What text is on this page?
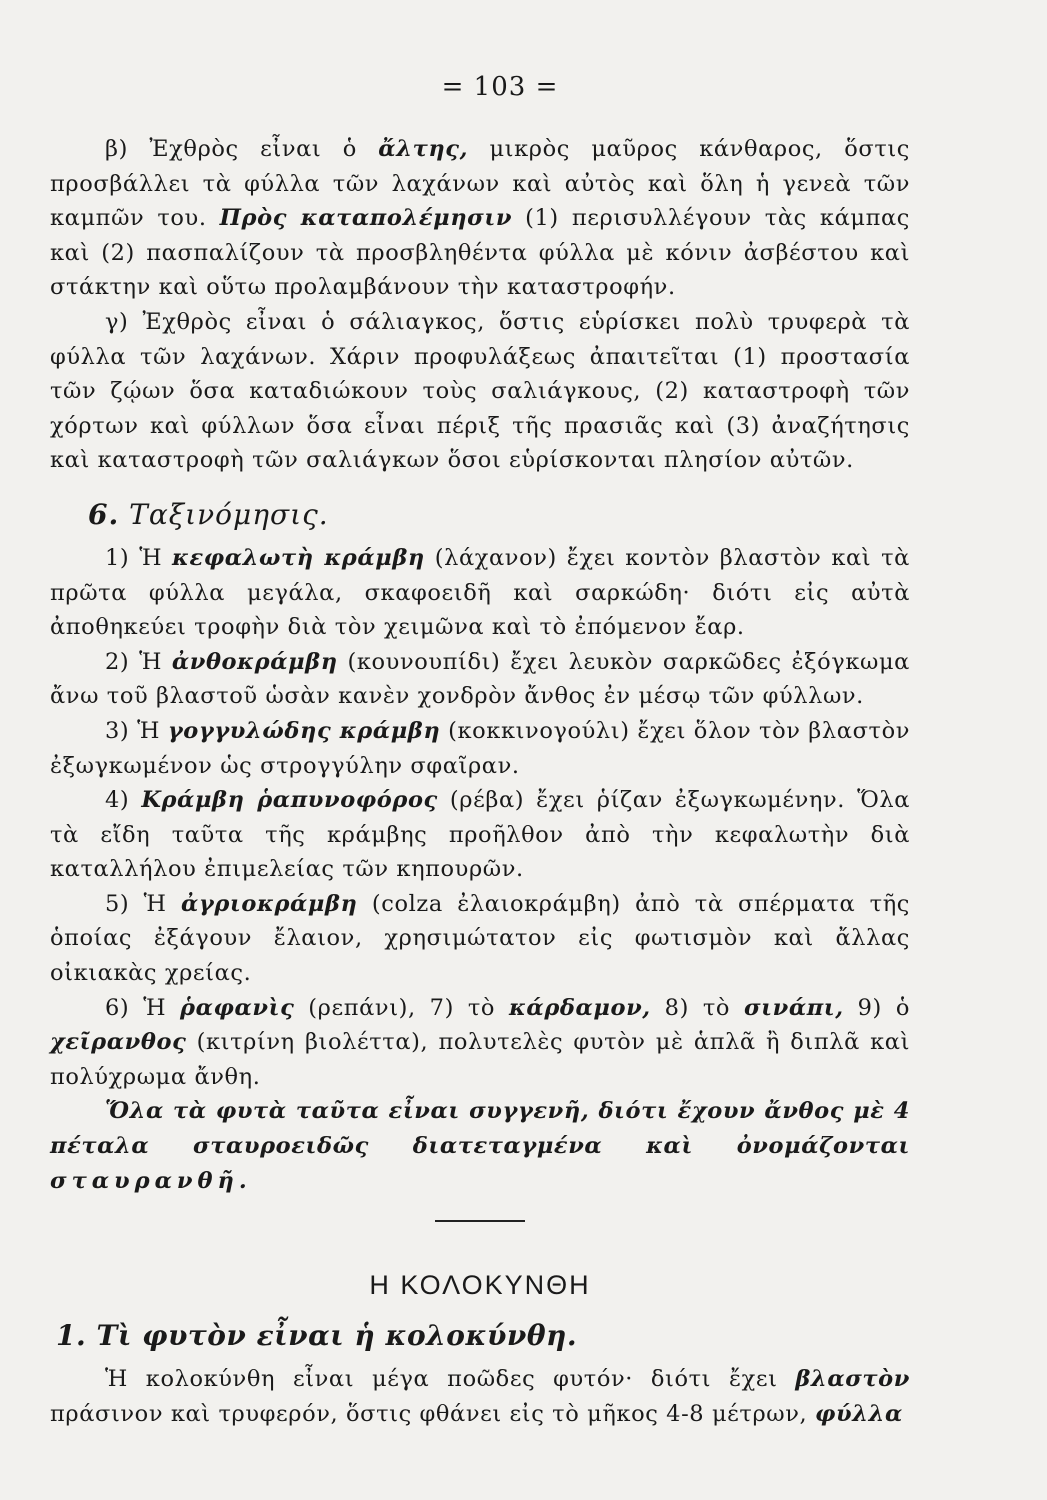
= 103 =

β) Ἐχθρὸς εἶναι ὁ ἄλτης, μικρὸς μαῦρος κάνθαρος, ὅστις προσβάλλει τὰ φύλλα τῶν λαχάνων καὶ αὐτὸς καὶ ὅλη ἡ γενεὰ τῶν καμπῶν του. Πρὸς καταπολέμησιν (1) περισυλλέγουν τὰς κάμπας καὶ (2) πασπαλίζουν τὰ προσβληθέντα φύλλα μὲ κόνιν ἀσβέστου καὶ στάκτην καὶ οὕτω προλαμβάνουν τὴν καταστροφήν.

γ) Ἐχθρὸς εἶναι ὁ σάλιαγκος, ὅστις εὑρίσκει πολὺ τρυφερὰ τὰ φύλλα τῶν λαχάνων. Χάριν προφυλάξεως ἀπαιτεῖται (1) προστασία τῶν ζῴων ὅσα καταδιώκουν τοὺς σαλιάγκους, (2) καταστροφὴ τῶν χόρτων καὶ φύλλων ὅσα εἶναι πέριξ τῆς πρασιᾶς καὶ (3) ἀναζήτησις καὶ καταστροφὴ τῶν σαλιάγκων ὅσοι εὑρίσκονται πλησίον αὐτῶν.

6. Ταξινόμησις.

1) Ἡ κεφαλωτὴ κράμβη (λάχανον) ἔχει κοντὸν βλαστὸν καὶ τὰ πρῶτα φύλλα μεγάλα, σκαφοειδῆ καὶ σαρκώδη· διότι εἰς αὐτὰ ἀποθηκεύει τροφὴν διὰ τὸν χειμῶνα καὶ τὸ ἐπόμενον ἔαρ.

2) Ἡ ἀνθοκράμβη (κουνουπίδι) ἔχει λευκὸν σαρκῶδες ἐξόγκωμα ἄνω τοῦ βλαστοῦ ὡσὰν κανὲν χονδρὸν ἄνθος ἐν μέσῳ τῶν φύλλων.

3) Ἡ γογγυλώδης κράμβη (κοκκινογούλι) ἔχει ὅλον τὸν βλαστὸν ἐξωγκωμένον ὡς στρογγύλην σφαῖραν.

4) Κράμβη ῥαπυνοφόρος (ρέβα) ἔχει ῥίζαν ἐξωγκωμένην. Ὅλα τὰ εἴδη ταῦτα τῆς κράμβης προῆλθον ἀπὸ τὴν κεφαλωτὴν διὰ καταλλήλου ἐπιμελείας τῶν κηπουρῶν.

5) Ἡ ἀγριοκράμβη (colza ἐλαιοκράμβη) ἀπὸ τὰ σπέρματα τῆς ὁποίας ἐξάγουν ἔλαιον, χρησιμώτατον εἰς φωτισμὸν καὶ ἄλλας οἰκιακὰς χρείας.

6) Ἡ ῥαφανὶς (ρεπάνι), 7) τὸ κάρδαμον, 8) τὸ σινάπι, 9) ὁ χεῖρανθος (κιτρίνη βιολέττα), πολυτελὲς φυτὸν μὲ ἁπλᾶ ἢ διπλᾶ καὶ πολύχρωμα ἄνθη.

Ὅλα τὰ φυτὰ ταῦτα εἶναι συγγενῆ, διότι ἔχουν ἄνθος μὲ 4 πέταλα σταυροειδῶς διατεταγμένα καὶ ὀνομάζονται σταυρανθῆ.

Η ΚΟΛΟΚΥΝΘΗ
1. Τὶ φυτὸν εἶναι ἡ κολοκύνθη.

Ἡ κολοκύνθη εἶναι μέγα ποῶδες φυτόν· διότι ἔχει βλαστὸν πράσινον καὶ τρυφερόν, ὅστις φθάνει εἰς τὸ μῆκος 4-8 μέτρων, φύλλα
